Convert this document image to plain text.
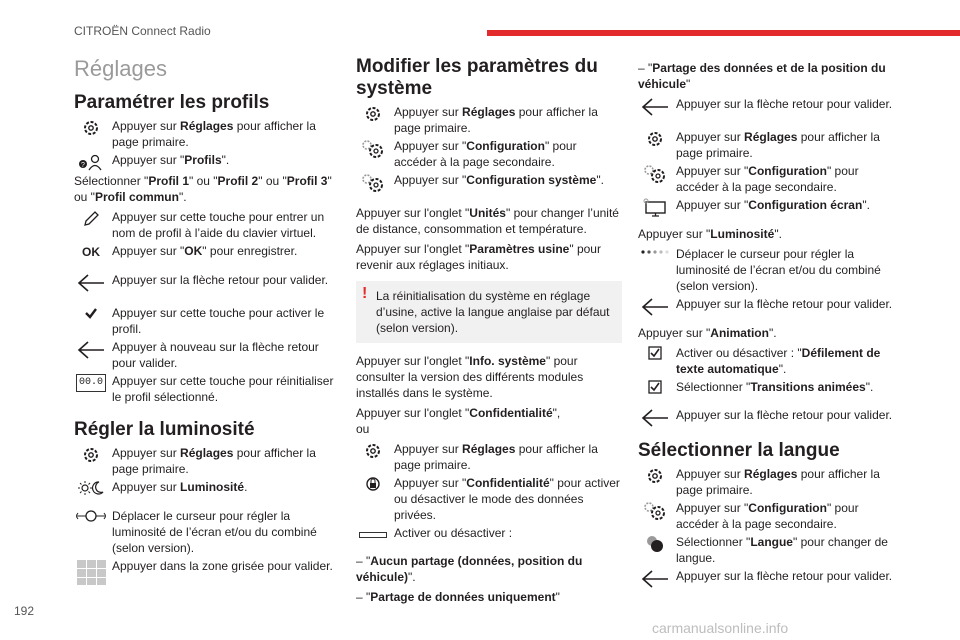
CITROËN Connect Radio
Réglages
Paramétrer les profils
Appuyer sur Réglages pour afficher la page primaire.
?	Appuyer sur "Profils".

Sélectionner "Profil 1" ou "Profil 2" ou "Profil 3" ou "Profil commun".

Appuyer sur cette touche pour entrer un nom de profil à l’aide du clavier virtuel.
OK	Appuyer sur "OK" pour enregistrer.
Appuyer sur la flèche retour pour valider.
Appuyer sur cette touche pour activer le profil.
Appuyer à nouveau sur la flèche retour pour valider.
00.0 Appuyer sur cette touche pour réinitialiser le profil sélectionné.
Régler la luminosité
Appuyer sur Réglages pour afficher la page primaire.
Appuyer sur Luminosité.
Déplacer le curseur pour régler la luminosité de l’écran et/ou du combiné (selon version).
Appuyer dans la zone grisée pour valider.
Modifier les paramètres du système
Appuyer sur Réglages pour afficher la page primaire.
Appuyer sur "Configuration" pour accéder à la page secondaire.
Appuyer sur "Configuration système".

Appuyer sur l'onglet "Unités" pour changer l’unité de distance, consommation et température.

Appuyer sur l'onglet "Paramètres usine" pour revenir aux réglages initiaux.

! La réinitialisation du système en réglage d’usine, active la langue anglaise par défaut (selon version).

Appuyer sur l'onglet "Info. système" pour consulter la version des différents modules installés dans le système.

Appuyer sur l'onglet "Confidentialité",

ou

Appuyer sur Réglages pour afficher la page primaire.
Appuyer sur "Confidentialité" pour activer ou désactiver le mode des données privées.
Activer ou désactiver :

– "Aucun partage (données, position du véhicule)".

– "Partage de données uniquement"

– "Partage des données et de la position du véhicule"

Appuyer sur la flèche retour pour valider.
Appuyer sur Réglages pour afficher la page primaire.
Appuyer sur "Configuration" pour accéder à la page secondaire.
Appuyer sur "Configuration écran".

Appuyer sur "Luminosité".

Déplacer le curseur pour régler la luminosité de l’écran et/ou du combiné (selon version).
Appuyer sur la flèche retour pour valider.

Appuyer sur "Animation".

Activer ou désactiver : "Défilement de texte automatique".
Sélectionner "Transitions animées".
Appuyer sur la flèche retour pour valider.
Sélectionner la langue
Appuyer sur Réglages pour afficher la page primaire.
Appuyer sur "Configuration" pour accéder à la page secondaire.
Sélectionner "Langue" pour changer de langue.
Appuyer sur la flèche retour pour valider.
192
carmanualsonline.info
